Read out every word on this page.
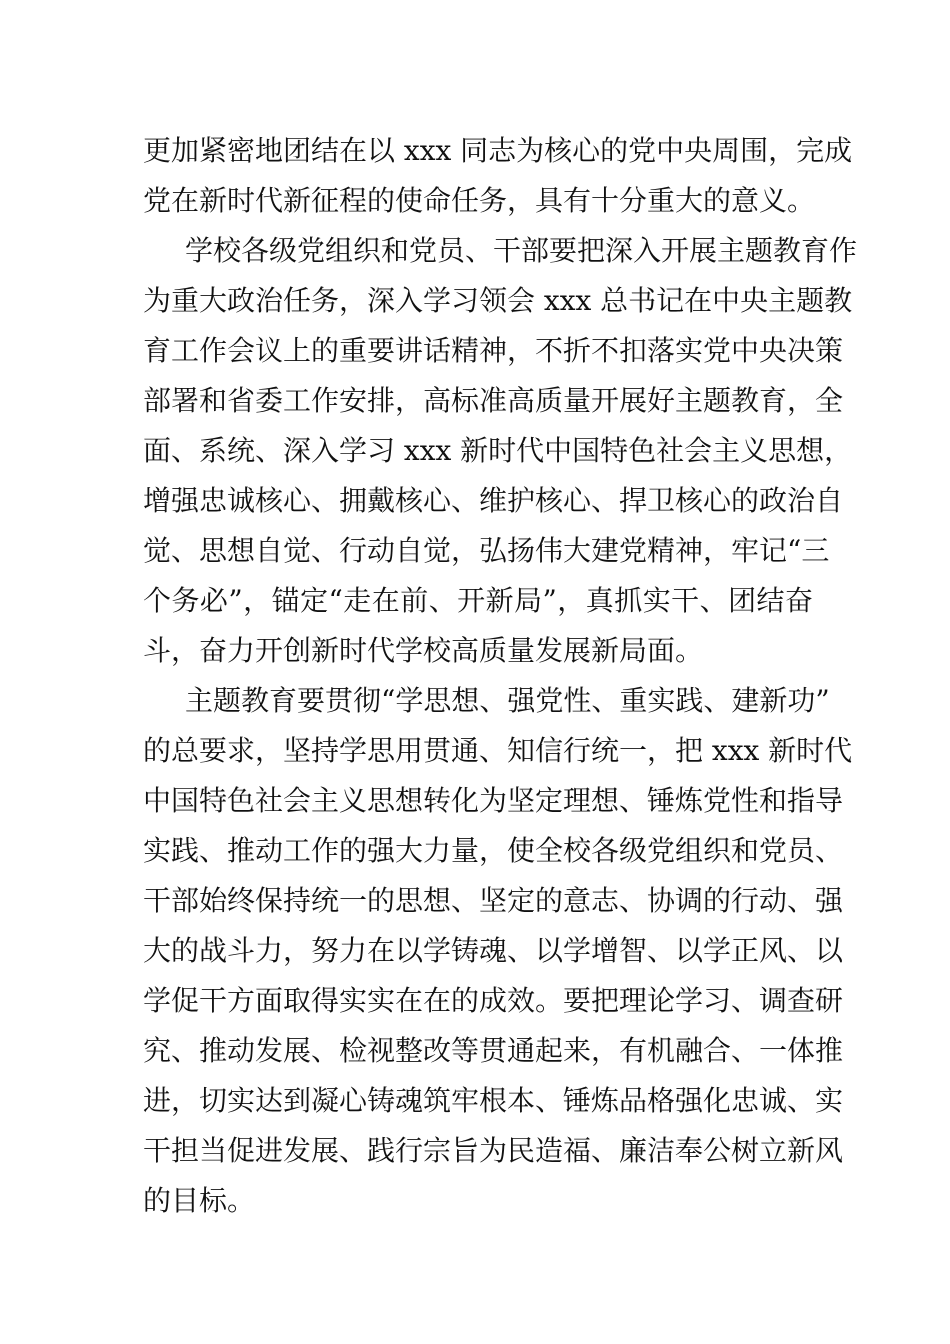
更加紧密地团结在以 xxx 同志为核心的党中央周围，完成
党在新时代新征程的使命任务，具有十分重大的意义。
学校各级党组织和党员、干部要把深入开展主题教育作
为重大政治任务，深入学习领会 xxx 总书记在中央主题教
育工作会议上的重要讲话精神，不折不扣落实党中央决策
部署和省委工作安排，高标准高质量开展好主题教育，全
面、系统、深入学习 xxx 新时代中国特色社会主义思想，
增强忠诚核心、拥戴核心、维护核心、捍卫核心的政治自
觉、思想自觉、行动自觉，弘扬伟大建党精神，牢记“三
个务必”，锚定“走在前、开新局”，真抓实干、团结奋
斗，奋力开创新时代学校高质量发展新局面。
主题教育要贯彻“学思想、强党性、重实践、建新功”
的总要求，坚持学思用贯通、知信行统一，把 xxx 新时代
中国特色社会主义思想转化为坚定理想、锤炼党性和指导
实践、推动工作的强大力量，使全校各级党组织和党员、
干部始终保持统一的思想、坚定的意志、协调的行动、强
大的战斗力，努力在以学铸魂、以学增智、以学正风、以
学促干方面取得实实在在的成效。要把理论学习、调查研
究、推动发展、检视整改等贯通起来，有机融合、一体推
进，切实达到凝心铸魂筑牢根本、锤炼品格强化忠诚、实
干担当促进发展、践行宗旨为民造福、廉洁奉公树立新风
的目标。
